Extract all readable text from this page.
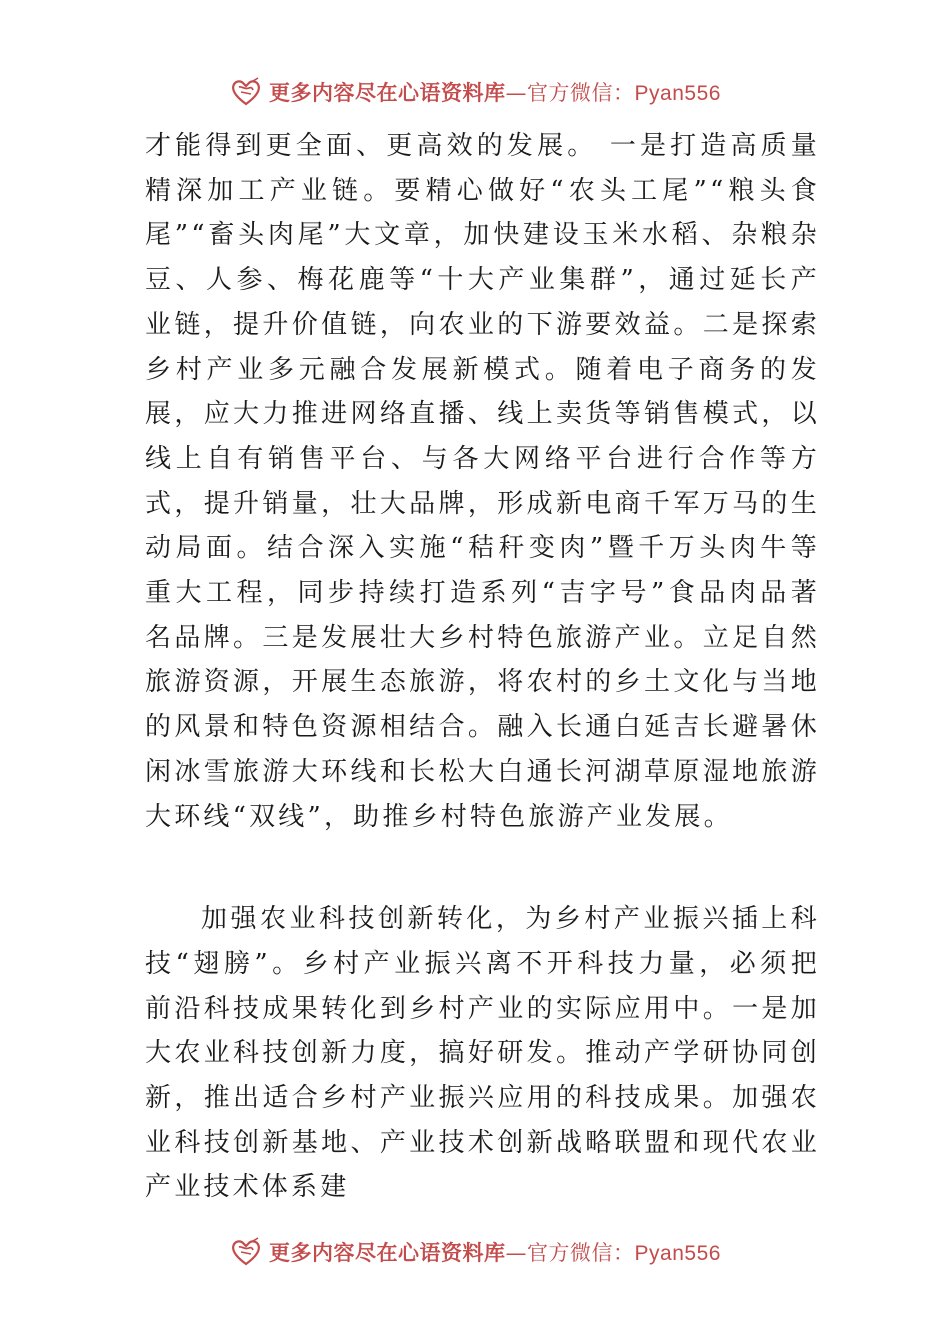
更多内容尽在心语资料库—官方微信：Pyan556

才能得到更全面、更高效的发展。 一是打造高质量精深加工产业链。要精心做好“农头工尾”“粮头食尾”“畜头肉尾”大文章，加快建设玉米水稻、杂粮杂豆、人参、梅花鹿等“十大产业集群”，通过延长产业链，提升价值链，向农业的下游要效益。二是探索乡村产业多元融合发展新模式。随着电子商务的发展，应大力推进网络直播、线上卖货等销售模式，以线上自有销售平台、与各大网络平台进行合作等方式，提升销量，壮大品牌，形成新电商千军万马的生动局面。结合深入实施“秸秆变肉”暨千万头肉牛等重大工程，同步持续打造系列“吉字号”食品肉品著名品牌。三是发展壮大乡村特色旅游产业。立足自然旅游资源，开展生态旅游，将农村的乡土文化与当地的风景和特色资源相结合。融入长通白延吉长避暑休闲冰雪旅游大环线和长松大白通长河湖草原湿地旅游大环线“双线”，助推乡村特色旅游产业发展。

加强农业科技创新转化，为乡村产业振兴插上科技“翅膀”。乡村产业振兴离不开科技力量，必须把前沿科技成果转化到乡村产业的实际应用中。一是加大农业科技创新力度，搞好研发。推动产学研协同创新，推出适合乡村产业振兴应用的科技成果。加强农业科技创新基地、产业技术创新战略联盟和现代农业产业技术体系建

更多内容尽在心语资料库—官方微信：Pyan556
